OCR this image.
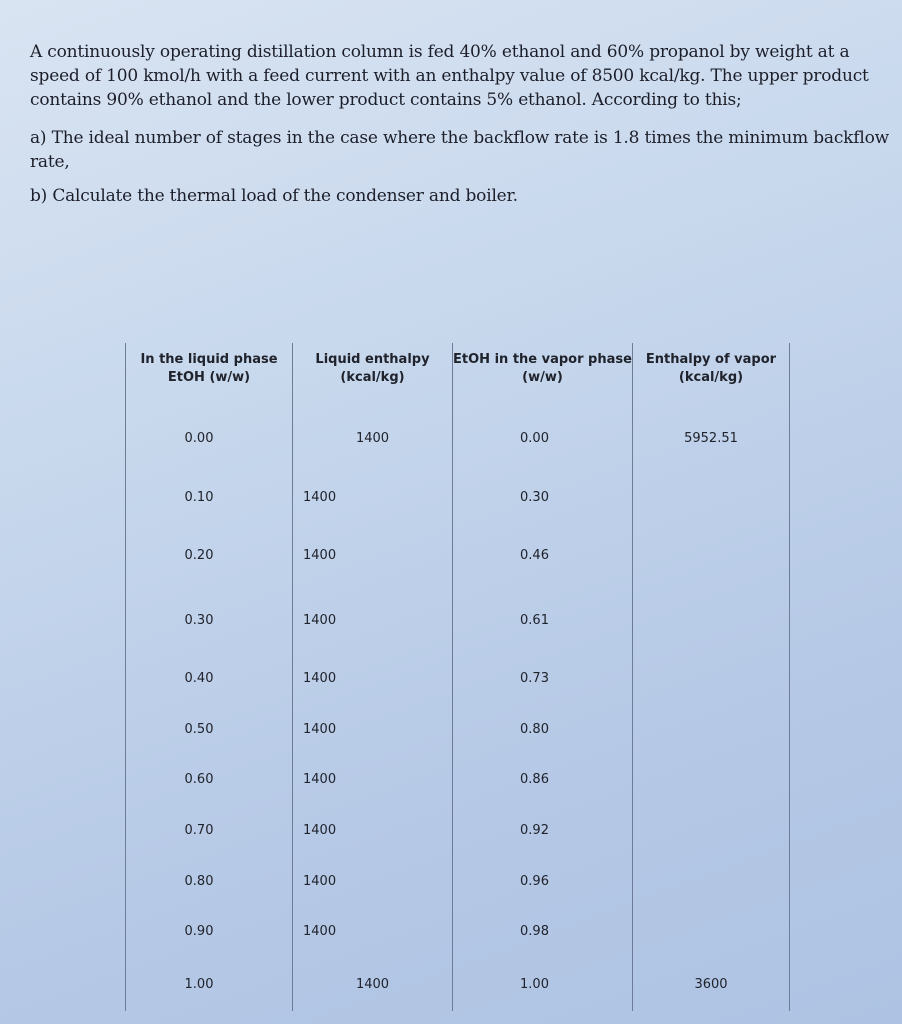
A continuously operating distillation column is fed 40% ethanol and 60% propanol by weight at a speed of 100 kmol/h with a feed current with an enthalpy value of 8500 kcal/kg. The upper product contains 90% ethanol and the lower product contains 5% ethanol. According to this;

a) The ideal number of stages in the case where the backflow rate is 1.8 times the minimum backflow rate,

b) Calculate the thermal load of the condenser and boiler.

In the liquid phase EtOH (w/w)	Liquid enthalpy (kcal/kg)	EtOH in the vapor phase (w/w)	Enthalpy of vapor (kcal/kg)
0.00	1400	0.00	5952.51
0.10	1400	0.30	
0.20	1400	0.46	
0.30	1400	0.61	
0.40	1400	0.73	
0.50	1400	0.80	
0.60	1400	0.86	
0.70	1400	0.92	
0.80	1400	0.96	
0.90	1400	0.98	
1.00	1400	1.00	3600
